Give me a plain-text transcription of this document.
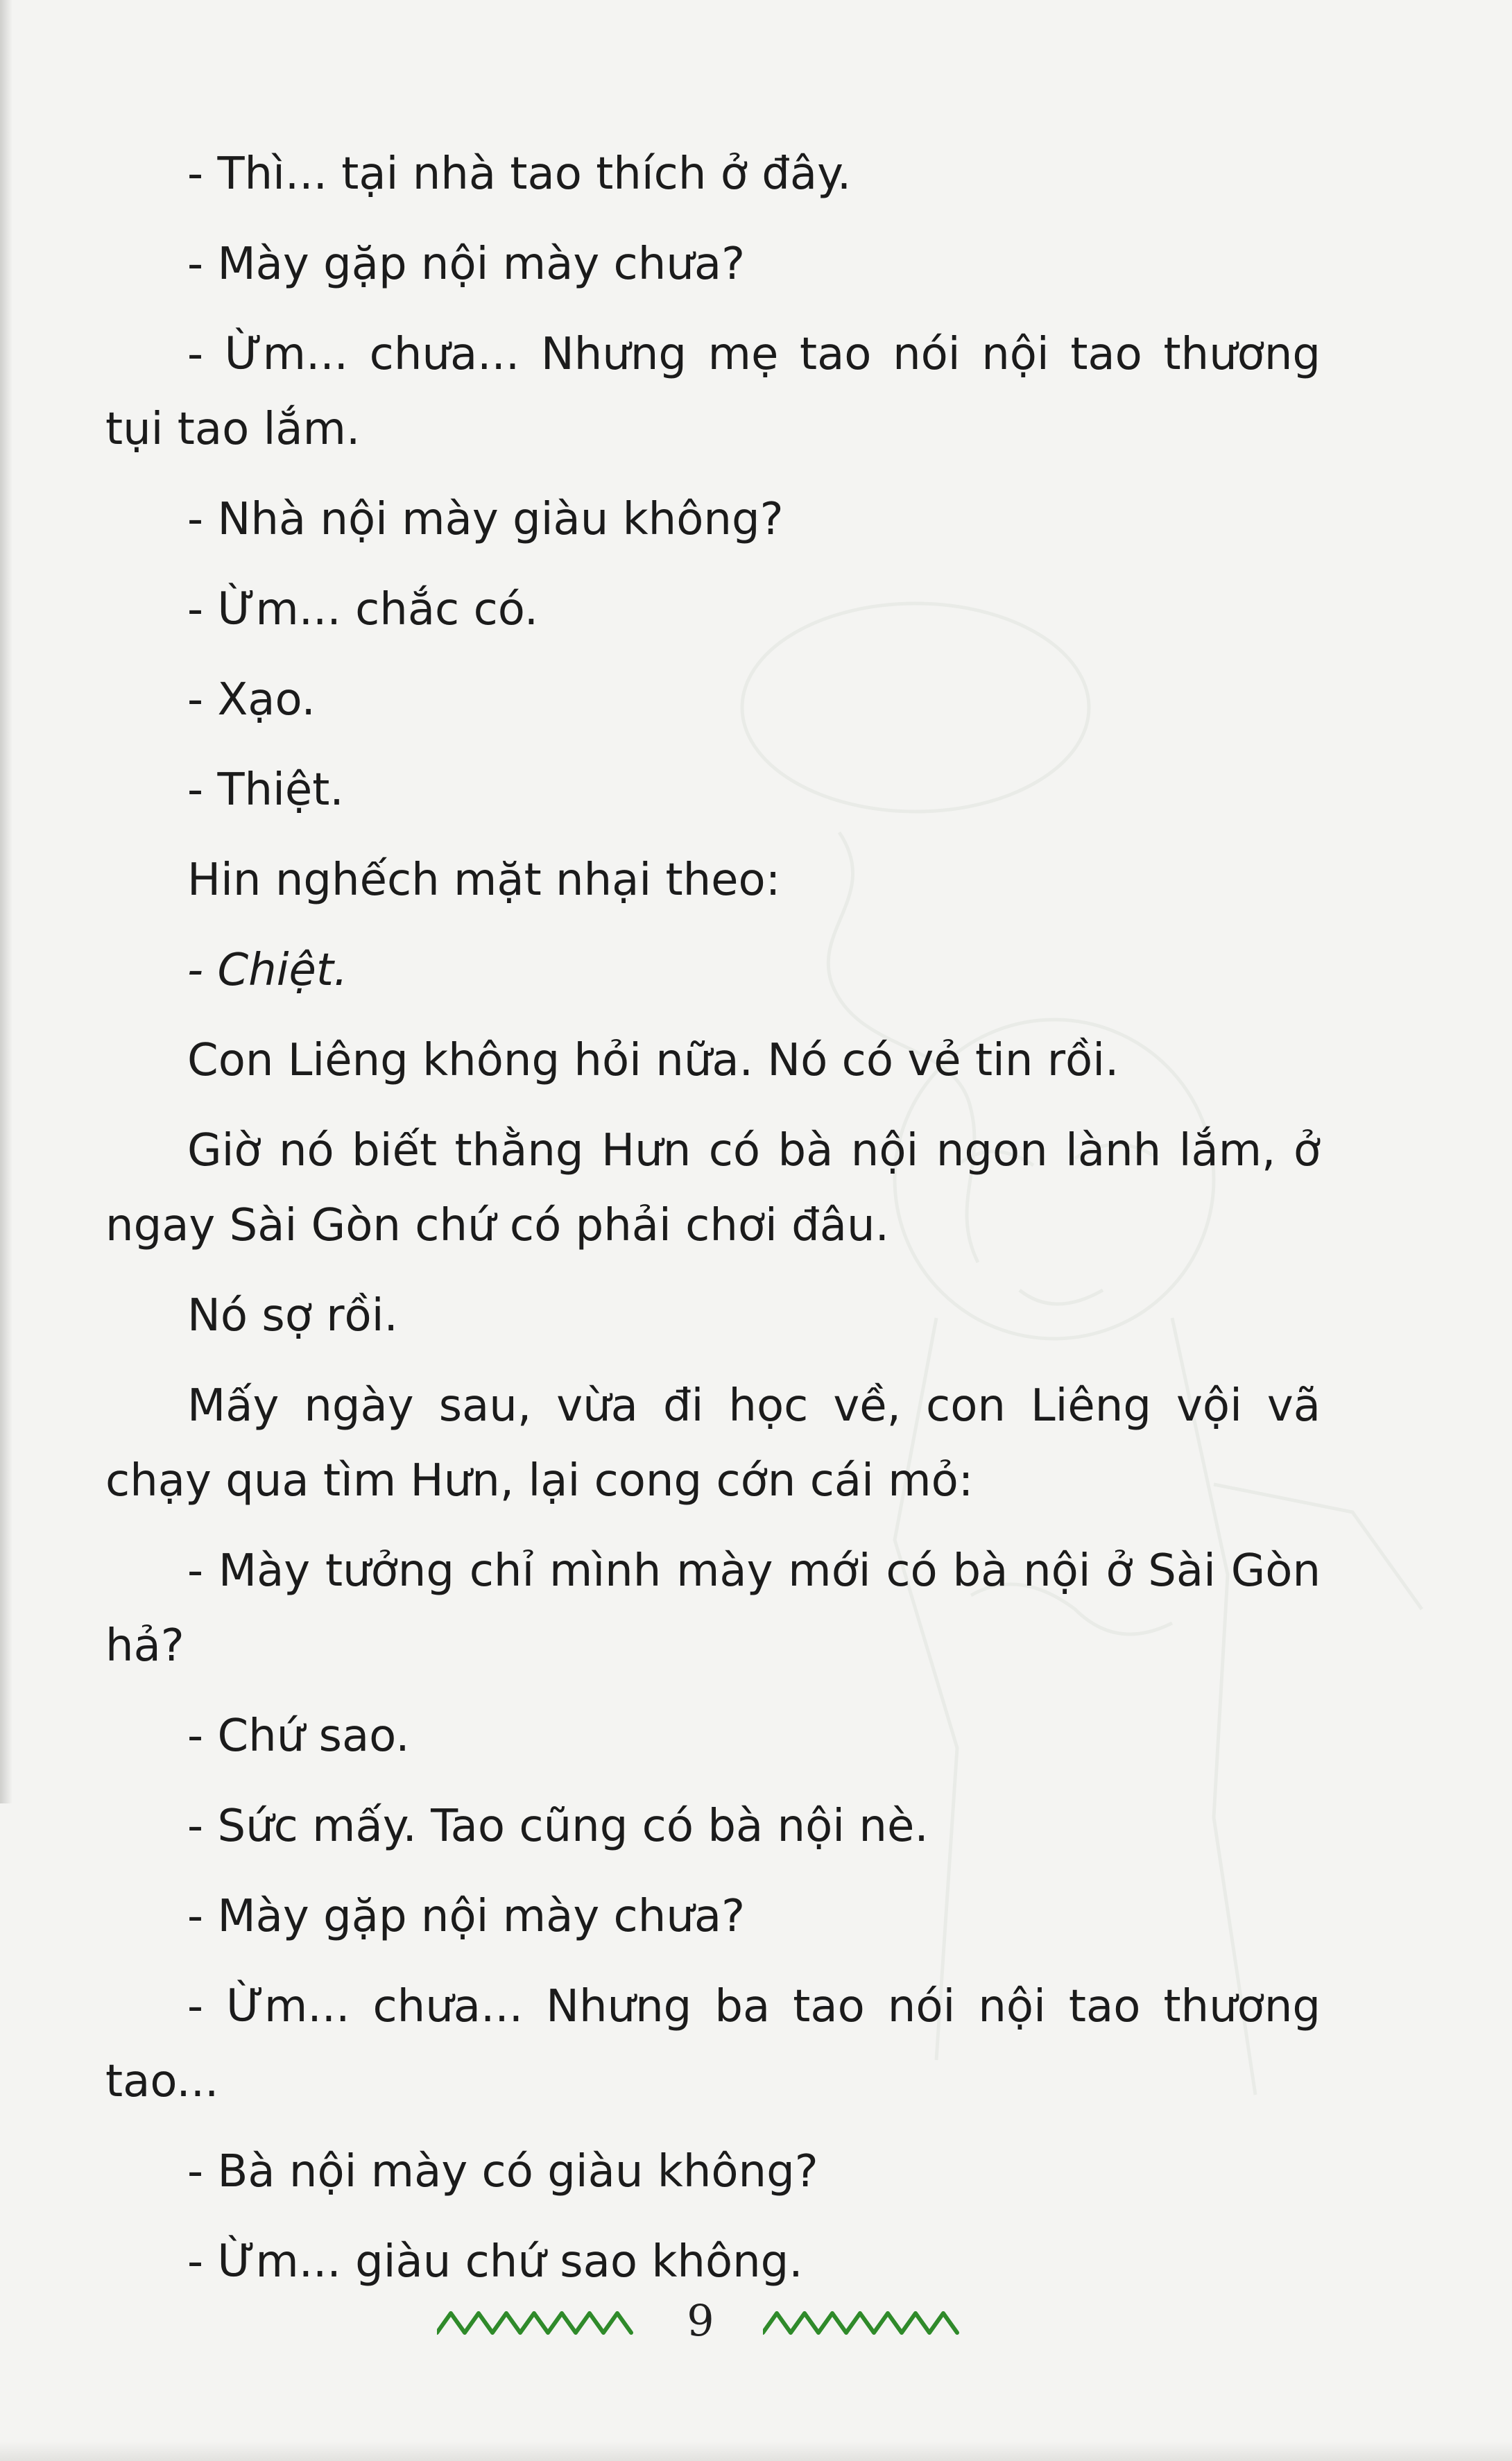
- Thì... tại nhà tao thích ở đây.

- Mày gặp nội mày chưa?

- Ừm... chưa... Nhưng mẹ tao nói nội tao thương tụi tao lắm.

- Nhà nội mày giàu không?

- Ừm... chắc có.

- Xạo.

- Thiệt.

Hin nghếch mặt nhại theo:

- Chiệt.

Con Liêng không hỏi nữa. Nó có vẻ tin rồi.

Giờ nó biết thằng Hưn có bà nội ngon lành lắm, ở ngay Sài Gòn chứ có phải chơi đâu.

Nó sợ rồi.

Mấy ngày sau, vừa đi học về, con Liêng vội vã chạy qua tìm Hưn, lại cong cớn cái mỏ:

- Mày tưởng chỉ mình mày mới có bà nội ở Sài Gòn hả?

- Chứ sao.

- Sức mấy. Tao cũng có bà nội nè.

- Mày gặp nội mày chưa?

- Ừm... chưa... Nhưng ba tao nói nội tao thương tao...

- Bà nội mày có giàu không?

- Ừm... giàu chứ sao không.

9
